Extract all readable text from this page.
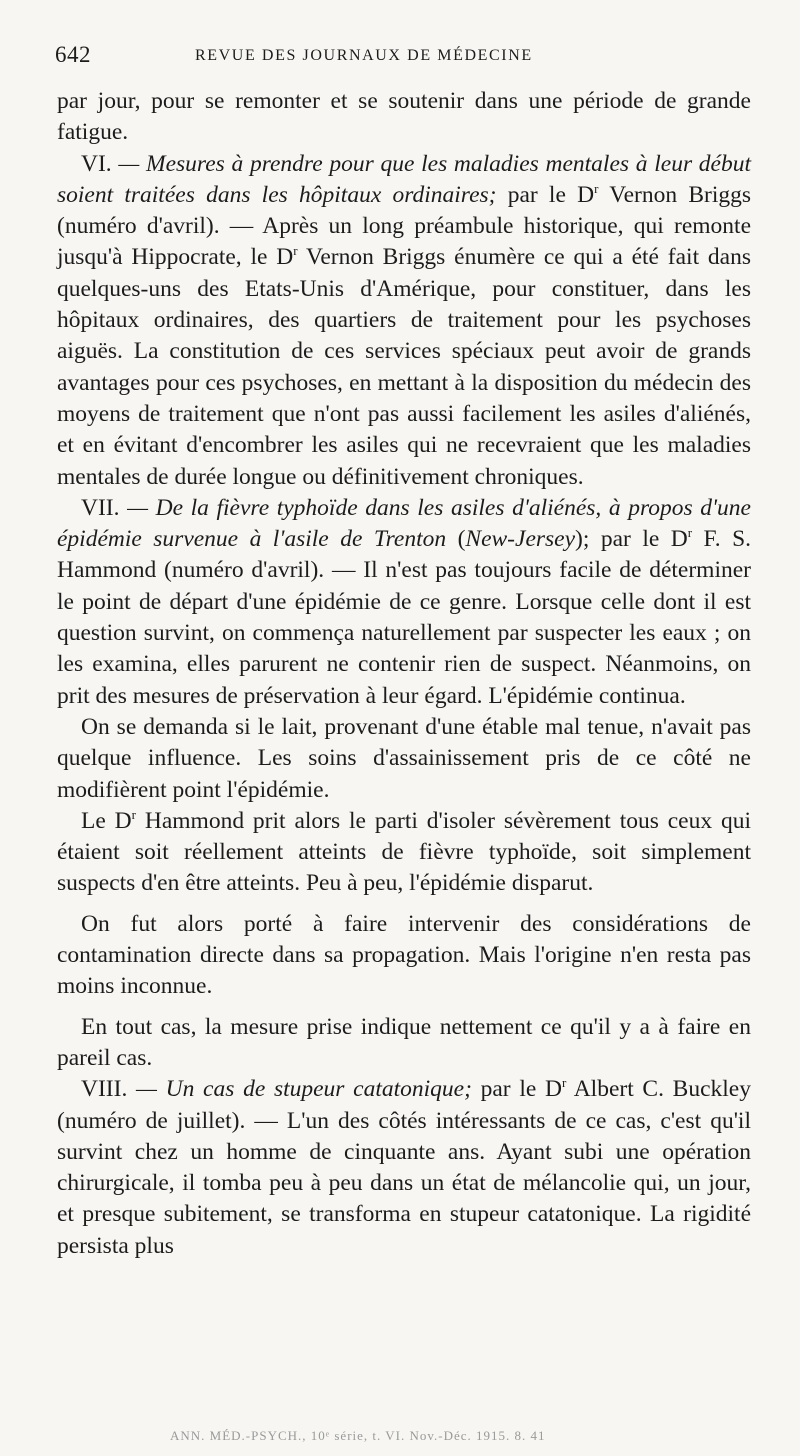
642	REVUE DES JOURNAUX DE MÉDECINE

par jour, pour se remonter et se soutenir dans une période de grande fatigue.

VI. — Mesures à prendre pour que les maladies mentales à leur début soient traitées dans les hôpitaux ordinaires; par le $D^r$ Vernon Briggs (numéro d'avril). — Après un long préambule historique, qui remonte jusqu'à Hippocrate, le $D^r$ Vernon Briggs énumère ce qui a été fait dans quelques-uns des Etats-Unis d'Amérique, pour constituer, dans les hôpitaux ordinaires, des quartiers de traitement pour les psychoses aiguës. La constitution de ces services spéciaux peut avoir de grands avantages pour ces psychoses, en mettant à la disposition du médecin des moyens de traitement que n'ont pas aussi facilement les asiles d'aliénés, et en évitant d'encombrer les asiles qui ne recevraient que les maladies mentales de durée longue ou définitivement chroniques.

VII. — De la fièvre typhoïde dans les asiles d'aliénés, à propos d'une épidémie survenue à l'asile de Trenton (New-Jersey); par le $D^r$ F. S. Hammond (numéro d'avril). — Il n'est pas toujours facile de déterminer le point de départ d'une épidémie de ce genre. Lorsque celle dont il est question survint, on commença naturellement par suspecter les eaux ; on les examina, elles parurent ne contenir rien de suspect. Néanmoins, on prit des mesures de préservation à leur égard. L'épidémie continua.

On se demanda si le lait, provenant d'une étable mal tenue, n'avait pas quelque influence. Les soins d'assainissement pris de ce côté ne modifièrent point l'épidémie.

Le $D^r$ Hammond prit alors le parti d'isoler sévèrement tous ceux qui étaient soit réellement atteints de fièvre typhoïde, soit simplement suspects d'en être atteints. Peu à peu, l'épidémie disparut.

On fut alors porté à faire intervenir des considérations de contamination directe dans sa propagation. Mais l'origine n'en resta pas moins inconnue.

En tout cas, la mesure prise indique nettement ce qu'il y a à faire en pareil cas.

VIII. — Un cas de stupeur catatonique; par le $D^r$ Albert C. Buckley (numéro de juillet). — L'un des côtés intéressants de ce cas, c'est qu'il survint chez un homme de cinquante ans. Ayant subi une opération chirurgicale, il tomba peu à peu dans un état de mélancolie qui, un jour, et presque subitement, se transforma en stupeur catatonique. La rigidité persista plus

ANN. MÉD.-PSYCH., 10ᵉ série, t. VI. Nov.-Déc. 1915. 8. 41
